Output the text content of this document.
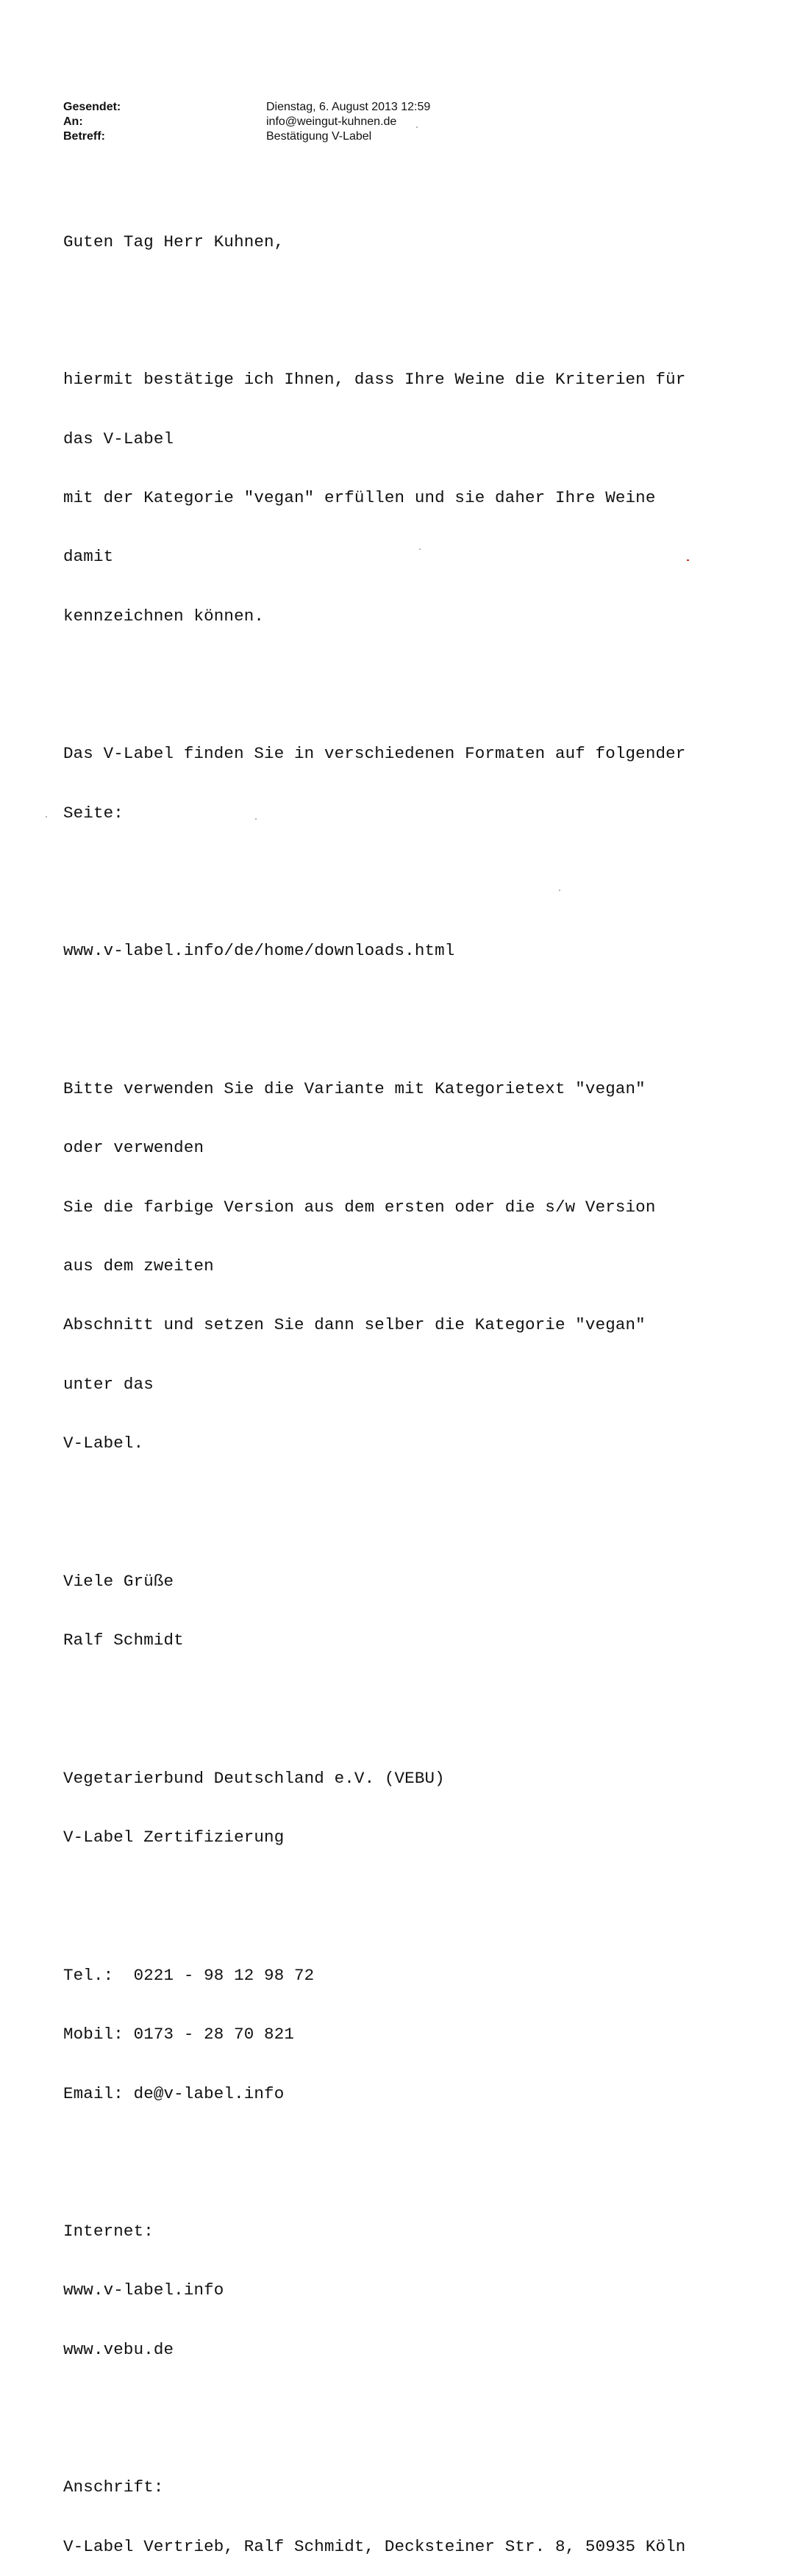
Gesendet:	Dienstag, 6. August 2013 12:59
An:	info@weingut-kuhnen.de
Betreff:	Bestätigung V-Label

Guten Tag Herr Kuhnen,

hiermit bestätige ich Ihnen, dass Ihre Weine die Kriterien für

das V-Label

mit der Kategorie "vegan" erfüllen und sie daher Ihre Weine

damit

kennzeichnen können.

Das V-Label finden Sie in verschiedenen Formaten auf folgender

Seite:

www.v-label.info/de/home/downloads.html

Bitte verwenden Sie die Variante mit Kategorietext "vegan"

oder verwenden

Sie die farbige Version aus dem ersten oder die s/w Version

aus dem zweiten

Abschnitt und setzen Sie dann selber die Kategorie "vegan"

unter das

V-Label.

Viele Grüße

Ralf Schmidt

Vegetarierbund Deutschland e.V. (VEBU)

V-Label Zertifizierung

Tel.:  0221 - 98 12 98 72

Mobil: 0173 - 28 70 821

Email: de@v-label.info

Internet:

www.v-label.info

www.vebu.de

Anschrift:

V-Label Vertrieb, Ralf Schmidt, Decksteiner Str. 8, 50935 Köln
